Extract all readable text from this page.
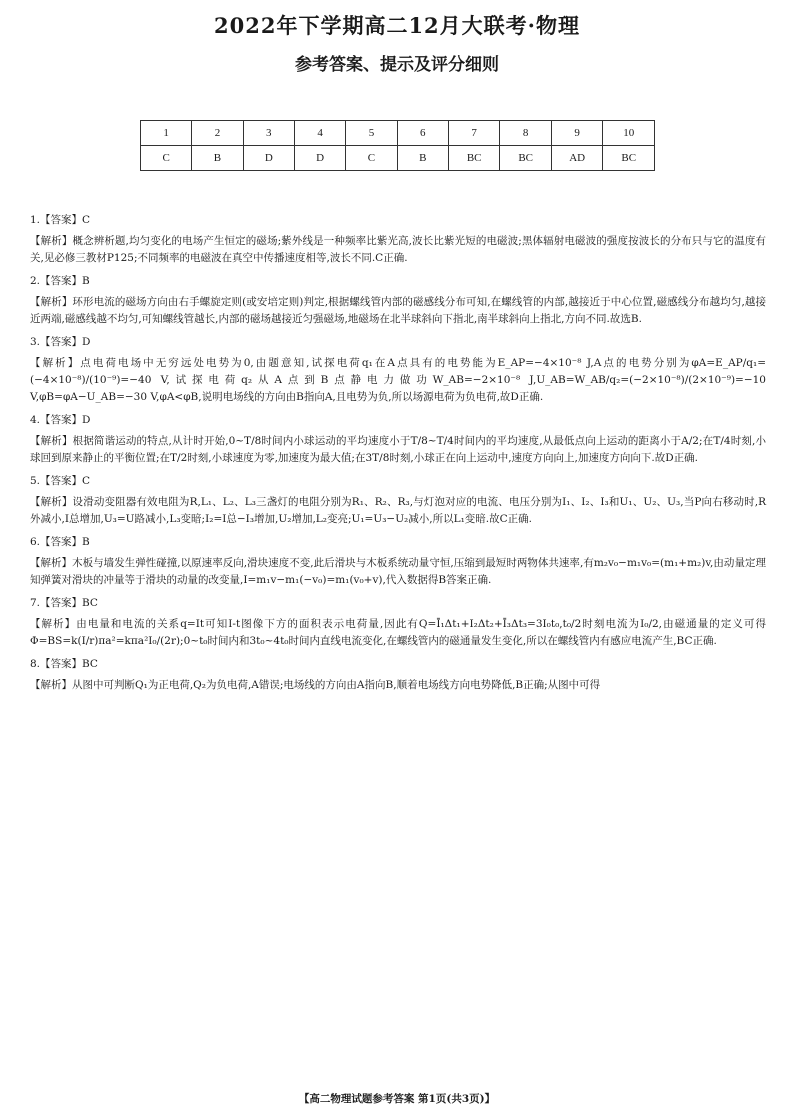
2022年下学期高二12月大联考·物理
参考答案、提示及评分细则
1	2	3	4	5	6	7	8	9	10
C	B	D	D	C	B	BC	BC	AD	BC
1.【答案】C
【解析】概念辨析题,均匀变化的电场产生恒定的磁场;紫外线是一种频率比紫光高,波长比紫光短的电磁波;黑体辐射电磁波的强度按波长的分布只与它的温度有关,见必修三教材P125;不同频率的电磁波在真空中传播速度相等,波长不同.C正确.
2.【答案】B
【解析】环形电流的磁场方向由右手螺旋定则(或安培定则)判定,根据螺线管内部的磁感线分布可知,在螺线管的内部,越接近于中心位置,磁感线分布越均匀,越接近两端,磁感线越不均匀,可知螺线管越长,内部的磁场越接近匀强磁场,地磁场在北半球斜向下指北,南半球斜向上指北,方向不同.故选B.
3.【答案】D
【解析】点电荷电场中无穷远处电势为0,由题意知,试探电荷q₁在A点具有的电势能为E_AP=−4×10⁻⁸ J,A点的电势分别为φA=E_AP/q₁=(−4×10⁻⁸)/(10⁻⁹)=−40 V,试探电荷q₂从A点到B点静电力做功W_AB=−2×10⁻⁸ J,U_AB=W_AB/q₂=(−2×10⁻⁸)/(2×10⁻⁹)=−10 V,φB=φA−U_AB=−30 V,φA<φB,说明电场线的方向由B指向A,且电势为负,所以场源电荷为负电荷,故D正确.
4.【答案】D
【解析】根据简谐运动的特点,从计时开始,0~T/8时间内小球运动的平均速度小于T/8~T/4时间内的平均速度,从最低点向上运动的距离小于A/2;在T/4时刻,小球回到原来静止的平衡位置;在T/2时刻,小球速度为零,加速度为最大值;在3T/8时刻,小球正在向上运动中,速度方向向上,加速度方向向下.故D正确.
5.【答案】C
【解析】设滑动变阻器有效电阻为R,L₁、L₂、L₃三盏灯的电阻分别为R₁、R₂、R₃,与灯泡对应的电流、电压分别为I₁、I₂、I₃和U₁、U₂、U₃,当P向右移动时,R外减小,I总增加,U₃=U路减小,L₃变暗;I₂=I总−I₃增加,U₂增加,L₂变亮;U₁=U₃−U₂减小,所以L₁变暗.故C正确.
6.【答案】B
【解析】木板与墙发生弹性碰撞,以原速率反向,滑块速度不变,此后滑块与木板系统动量守恒,压缩到最短时两物体共速率,有m₂v₀−m₁v₀=(m₁+m₂)v,由动量定理知弹簧对滑块的冲量等于滑块的动量的改变量,I=m₁v−m₁(−v₀)=m₁(v₀+v),代入数据得B答案正确.
7.【答案】BC
【解析】由电量和电流的关系q=It可知I-t图像下方的面积表示电荷量,因此有Q=Ī₁Δt₁+I₂Δt₂+Ī₃Δt₃=3I₀t₀,t₀/2时刻电流为I₀/2,由磁通量的定义可得Φ=BS=k(I/r)πa²=kπa²I₀/(2r);0~t₀时间内和3t₀~4t₀时间内直线电流变化,在螺线管内的磁通量发生变化,所以在螺线管内有感应电流产生,BC正确.
8.【答案】BC
【解析】从图中可判断Q₁为正电荷,Q₂为负电荷,A错误;电场线的方向由A指向B,顺着电场线方向电势降低,B正确;从图中可得
【高二物理试题参考答案 第1页(共3页)】
